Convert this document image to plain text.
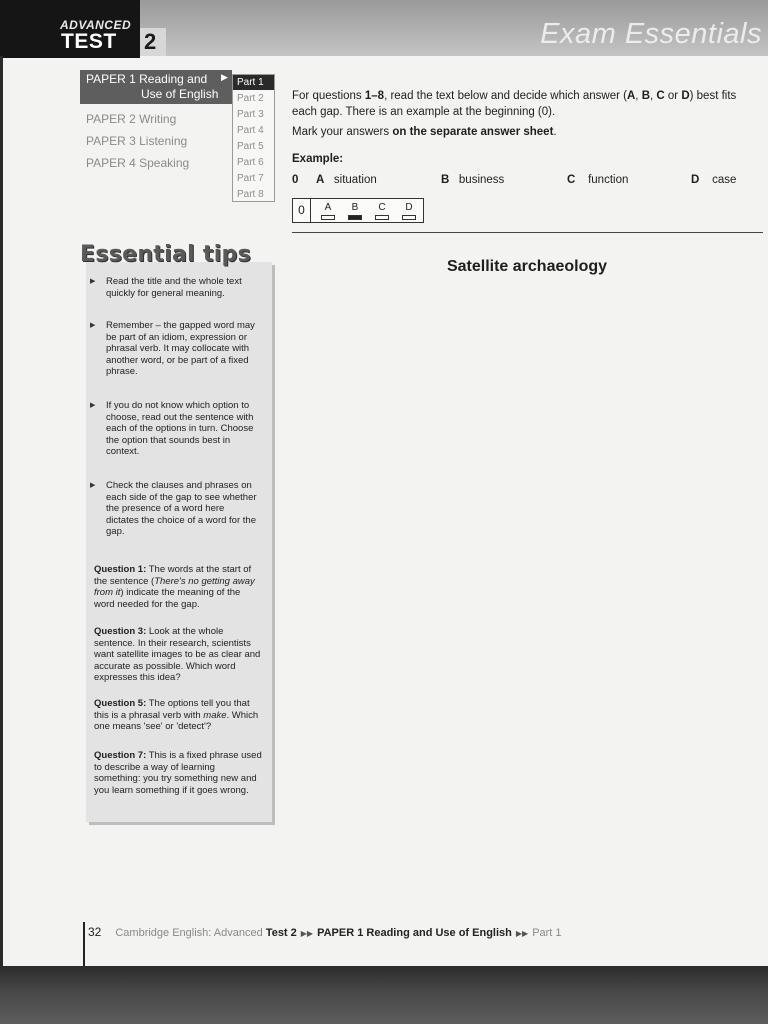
ADVANCED
TEST 2	Exam Essentials
PAPER 1 Reading and
Use of English
▶
PAPER 2 Writing
PAPER 3 Listening
PAPER 4 Speaking
Part 1
Part 2
Part 3
Part 4
Part 5
Part 6
Part 7
Part 8
▶ Read the title and the whole text quickly for general meaning.
▶ Remember – the gapped word may be part of an idiom, expression or phrasal verb. It may collocate with another word, or be part of a fixed phrase.
▶ If you do not know which option to choose, read out the sentence with each of the options in turn. Choose the option that sounds best in context.
▶ Check the clauses and phrases on each side of the gap to see whether the presence of a word here dictates the choice of a word for the gap.
Question 1: The words at the start of the sentence (There's no getting away from it) indicate the meaning of the word needed for the gap.
Question 3: Look at the whole sentence. In their research, scientists want satellite images to be as clear and accurate as possible. Which word expresses this idea?
Question 5: The options tell you that this is a phrasal verb with make. Which one means 'see' or 'detect'?
Question 7: This is a fixed phrase used to describe a way of learning something: you try something new and you learn something if it goes wrong.
Essential tips
For questions 1–8, read the text below and decide which answer (A, B, C or D) best fits each gap. There is an example at the beginning (0).
Mark your answers on the separate answer sheet.
Example:
0 A situation	B business	C function	D case
0	A	B	C	D
Satellite archaeology
32 Cambridge English: Advanced Test 2 ▶▶ PAPER 1 Reading and Use of English ▶▶ Part 1
